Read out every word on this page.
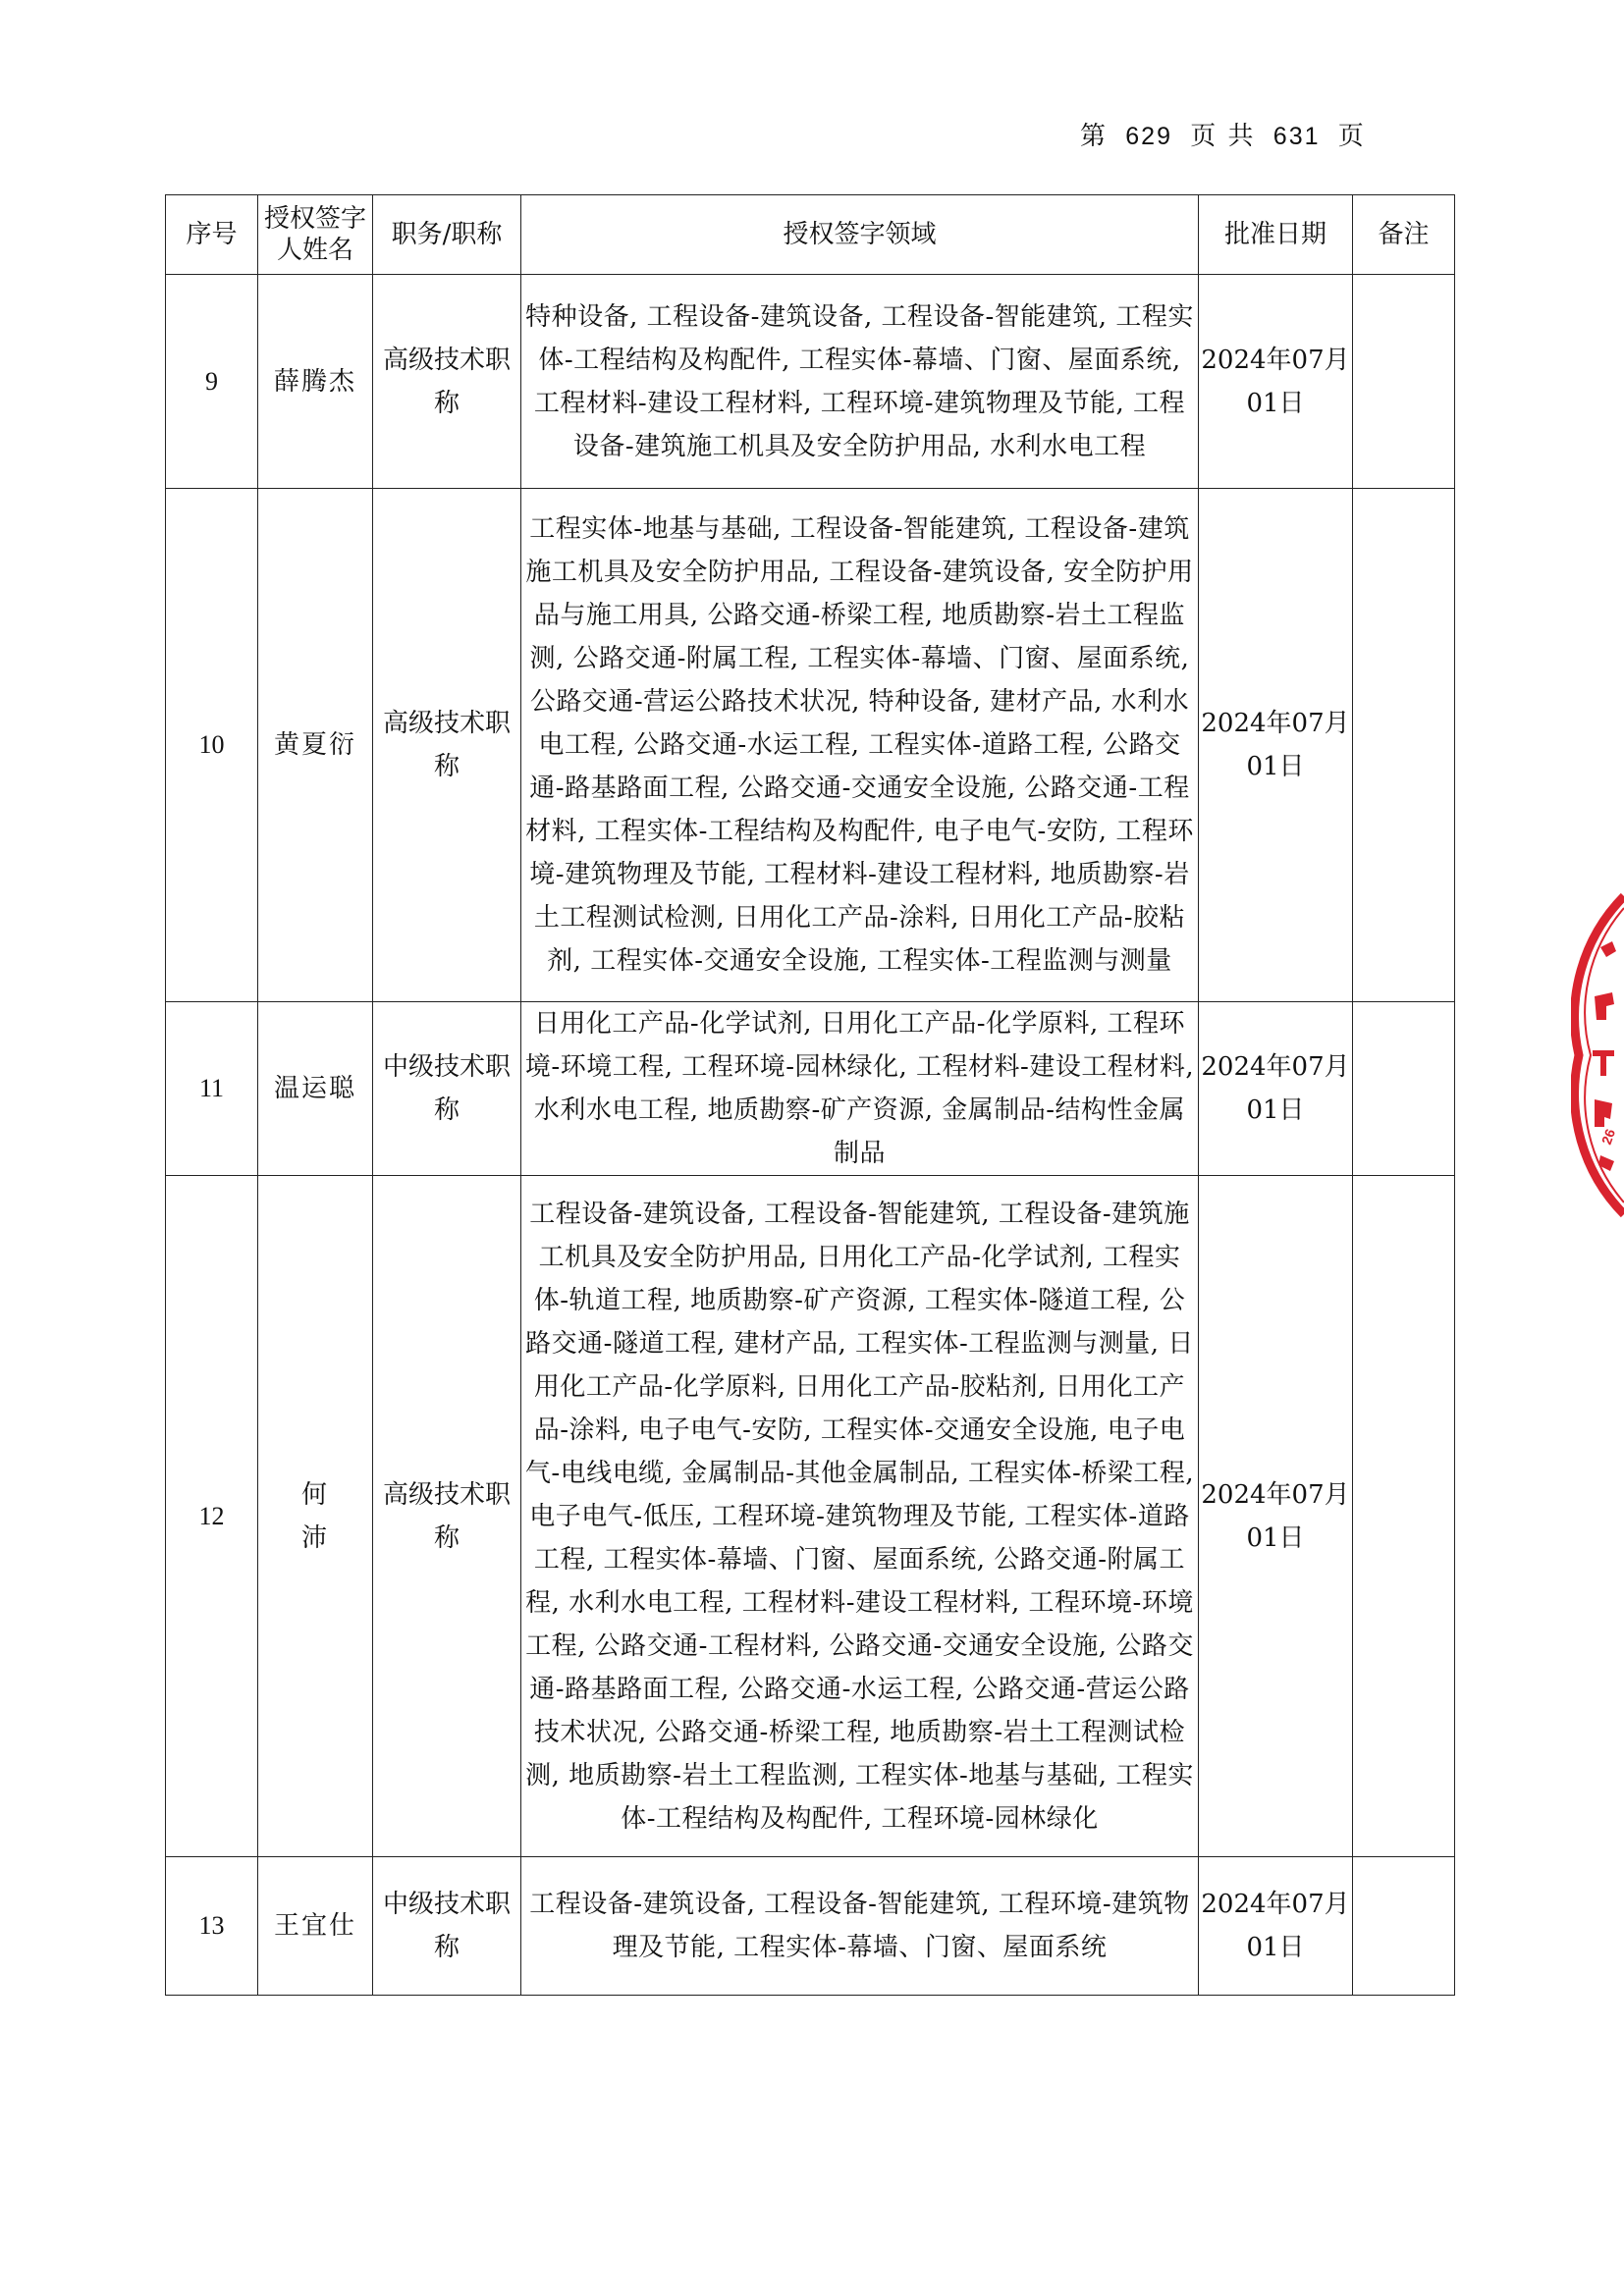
第 629 页 共 631 页
序号	授权签字人姓名	职务/职称	授权签字领域	批准日期	备注
9	薛腾杰	高级技术职称	特种设备, 工程设备-建筑设备, 工程设备-智能建筑, 工程实体-工程结构及构配件, 工程实体-幕墙、门窗、屋面系统, 工程材料-建设工程材料, 工程环境-建筑物理及节能, 工程设备-建筑施工机具及安全防护用品, 水利水电工程	2024年07月01日	
10	黄夏衍	高级技术职称	工程实体-地基与基础, 工程设备-智能建筑, 工程设备-建筑施工机具及安全防护用品, 工程设备-建筑设备, 安全防护用品与施工用具, 公路交通-桥梁工程, 地质勘察-岩土工程监测, 公路交通-附属工程, 工程实体-幕墙、门窗、屋面系统, 公路交通-营运公路技术状况, 特种设备, 建材产品, 水利水电工程, 公路交通-水运工程, 工程实体-道路工程, 公路交通-路基路面工程, 公路交通-交通安全设施, 公路交通-工程材料, 工程实体-工程结构及构配件, 电子电气-安防, 工程环境-建筑物理及节能, 工程材料-建设工程材料, 地质勘察-岩土工程测试检测, 日用化工产品-涂料, 日用化工产品-胶粘剂, 工程实体-交通安全设施, 工程实体-工程监测与测量	2024年07月01日	
11	温运聪	中级技术职称	日用化工产品-化学试剂, 日用化工产品-化学原料, 工程环境-环境工程, 工程环境-园林绿化, 工程材料-建设工程材料, 水利水电工程, 地质勘察-矿产资源, 金属制品-结构性金属制品	2024年07月01日	
12	何沛	高级技术职称	工程设备-建筑设备, 工程设备-智能建筑, 工程设备-建筑施工机具及安全防护用品, 日用化工产品-化学试剂, 工程实体-轨道工程, 地质勘察-矿产资源, 工程实体-隧道工程, 公路交通-隧道工程, 建材产品, 工程实体-工程监测与测量, 日用化工产品-化学原料, 日用化工产品-胶粘剂, 日用化工产品-涂料, 电子电气-安防, 工程实体-交通安全设施, 电子电气-电线电缆, 金属制品-其他金属制品, 工程实体-桥梁工程, 电子电气-低压, 工程环境-建筑物理及节能, 工程实体-道路工程, 工程实体-幕墙、门窗、屋面系统, 公路交通-附属工程, 水利水电工程, 工程材料-建设工程材料, 工程环境-环境工程, 公路交通-工程材料, 公路交通-交通安全设施, 公路交通-路基路面工程, 公路交通-水运工程, 公路交通-营运公路技术状况, 公路交通-桥梁工程, 地质勘察-岩土工程测试检测, 地质勘察-岩土工程监测, 工程实体-地基与基础, 工程实体-工程结构及构配件, 工程环境-园林绿化	2024年07月01日	
13	王宜仕	中级技术职称	工程设备-建筑设备, 工程设备-智能建筑, 工程环境-建筑物理及节能, 工程实体-幕墙、门窗、屋面系统	2024年07月01日	
26
